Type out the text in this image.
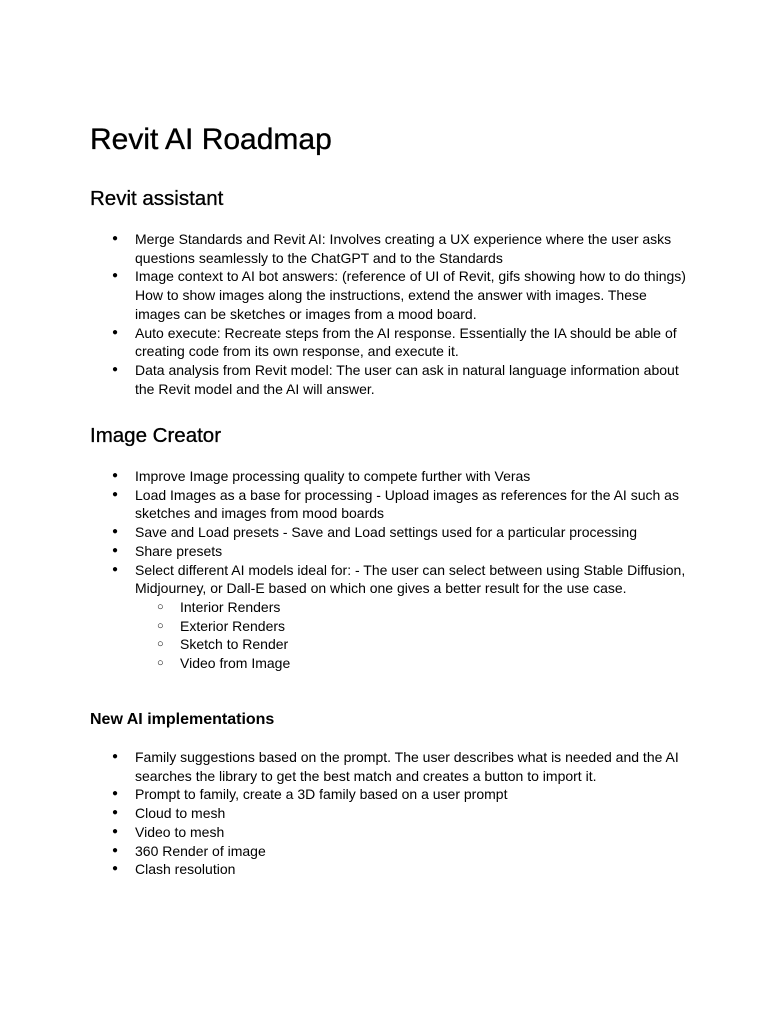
Revit AI Roadmap
Revit assistant
● Merge Standards and Revit AI: Involves creating a UX experience where the user asks questions seamlessly to the ChatGPT and to the Standards
● Image context to AI bot answers: (reference of UI of Revit, gifs showing how to do things) How to show images along the instructions, extend the answer with images. These images can be sketches or images from a mood board.
● Auto execute: Recreate steps from the AI response. Essentially the IA should be able of creating code from its own response, and execute it.
● Data analysis from Revit model: The user can ask in natural language information about the Revit model and the AI will answer.
Image Creator
● Improve Image processing quality to compete further with Veras
● Load Images as a base for processing - Upload images as references for the AI such as sketches and images from mood boards
● Save and Load presets - Save and Load settings used for a particular processing
● Share presets
● Select different AI models ideal for: - The user can select between using Stable Diffusion, Midjourney, or Dall-E based on which one gives a better result for the use case.
○ Interior Renders
○ Exterior Renders
○ Sketch to Render
○ Video from Image
New AI implementations
● Family suggestions based on the prompt. The user describes what is needed and the AI searches the library to get the best match and creates a button to import it.
● Prompt to family, create a 3D family based on a user prompt
● Cloud to mesh
● Video to mesh
● 360 Render of image
● Clash resolution
